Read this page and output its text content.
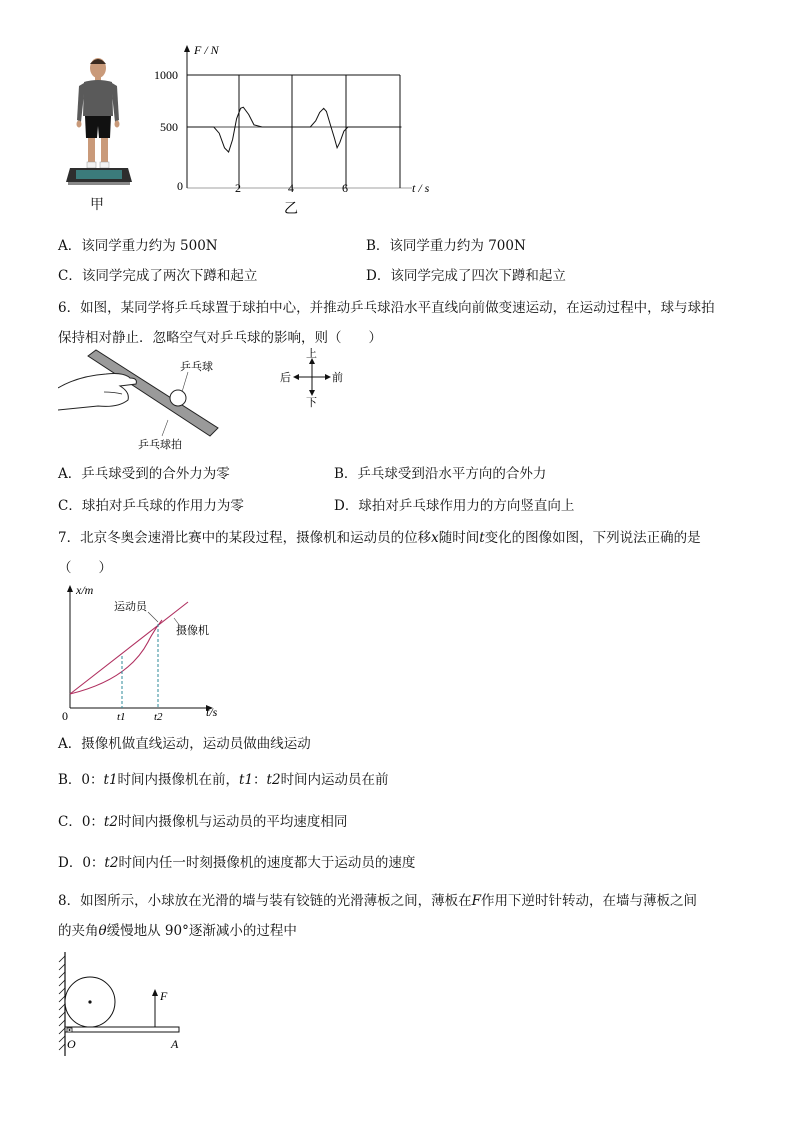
甲
F / N
1000
500
0	2	4	6	t / s
乙
A．该同学重力约为 500N	B．该同学重力约为 700N
C．该同学完成了两次下蹲和起立	D．该同学完成了四次下蹲和起立
6．如图，某同学将乒乓球置于球拍中心，并推动乒乓球沿水平直线向前做变速运动，在运动过程中，球与球拍
保持相对静止．忽略空气对乒乓球的影响，则（　　）
乒乓球
乒乓球拍
上
下
后	前
A．乒乓球受到的合外力为零	B．乒乓球受到沿水平方向的合外力
C．球拍对乒乓球的作用力为零	D．球拍对乒乓球作用力的方向竖直向上
7．北京冬奥会速滑比赛中的某段过程，摄像机和运动员的位移x随时间t变化的图像如图，下列说法正确的是
（　　）
x/m
t/s
0	t1	t2
运动员
摄像机
A．摄像机做直线运动，运动员做曲线运动
B．0：t1时间内摄像机在前，t1：t2时间内运动员在前
C．0：t2时间内摄像机与运动员的平均速度相同
D．0：t2时间内任一时刻摄像机的速度都大于运动员的速度
8．如图所示，小球放在光滑的墙与装有铰链的光滑薄板之间，薄板在F作用下逆时针转动，在墙与薄板之间
的夹角θ缓慢地从 90°逐渐减小的过程中
F
O	A
